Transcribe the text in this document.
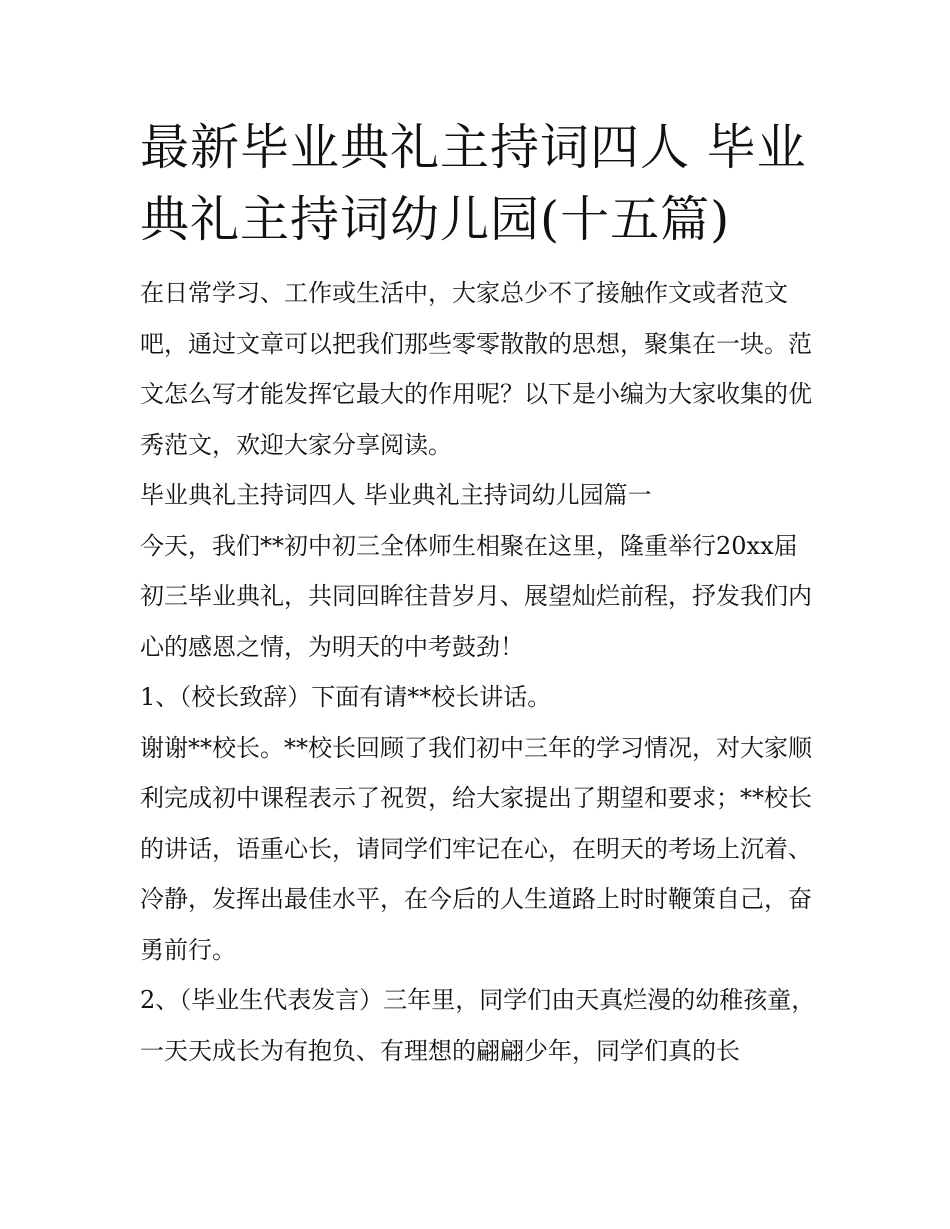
最新毕业典礼主持词四人 毕业典礼主持词幼儿园(十五篇)

在日常学习、工作或生活中，大家总少不了接触作文或者范文吧，通过文章可以把我们那些零零散散的思想，聚集在一块。范文怎么写才能发挥它最大的作用呢？以下是小编为大家收集的优秀范文，欢迎大家分享阅读。

毕业典礼主持词四人 毕业典礼主持词幼儿园篇一

今天，我们**初中初三全体师生相聚在这里，隆重举行20xx届初三毕业典礼，共同回眸往昔岁月、展望灿烂前程，抒发我们内心的感恩之情，为明天的中考鼓劲！

1、（校长致辞）下面有请**校长讲话。

谢谢**校长。**校长回顾了我们初中三年的学习情况，对大家顺利完成初中课程表示了祝贺，给大家提出了期望和要求；**校长的讲话，语重心长，请同学们牢记在心，在明天的考场上沉着、冷静，发挥出最佳水平，在今后的人生道路上时时鞭策自己，奋勇前行。

2、（毕业生代表发言）三年里，同学们由天真烂漫的幼稚孩童，一天天成长为有抱负、有理想的翩翩少年，同学们真的长
